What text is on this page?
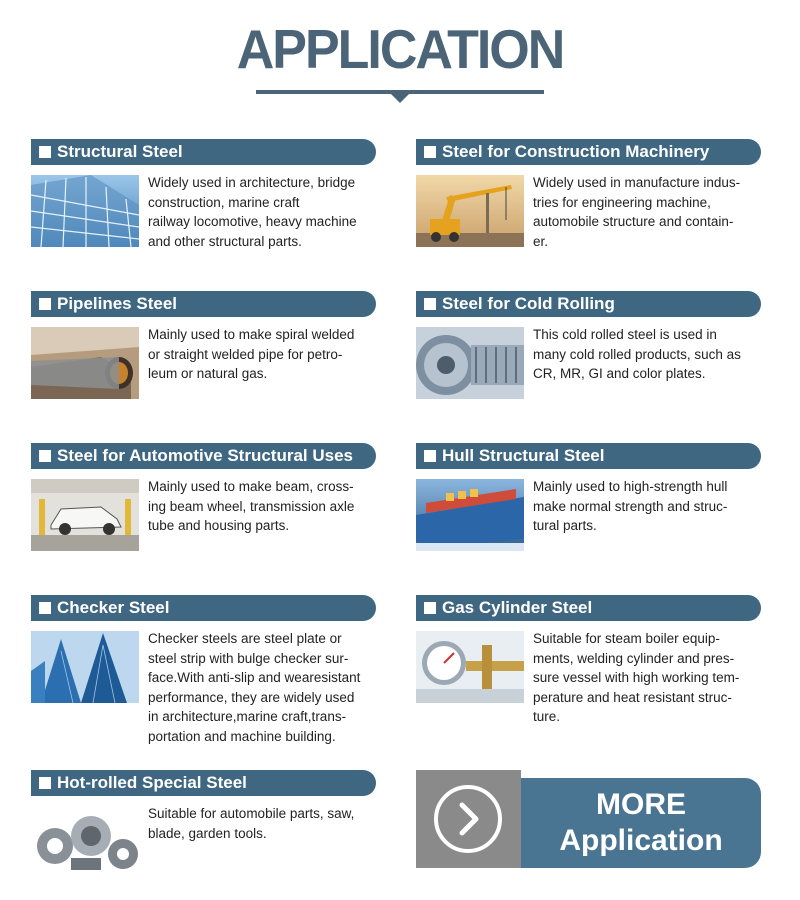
APPLICATION
Structural Steel
Widely used in architecture, bridge
construction, marine craft
railway locomotive, heavy machine
and other structural parts.
Steel for Construction Machinery
Widely used in manufacture indus-
tries for engineering machine,
automobile structure and contain-
er.
Pipelines Steel
Mainly used to make spiral welded
or straight welded pipe for petro-
leum or natural gas.
Steel for Cold Rolling
This cold rolled steel is used in
many cold rolled products, such as
CR, MR, GI and color plates.
Steel for Automotive Structural Uses
Mainly used to make beam, cross-
ing beam wheel, transmission axle
tube and housing parts.
Hull Structural Steel
Mainly used to high-strength hull
make normal strength and struc-
tural parts.
Checker Steel
Checker steels are steel plate or
steel strip with bulge checker sur-
face.With anti-slip and wearesistant
performance, they are widely used
in architecture,marine craft,trans-
portation and machine building.
Gas Cylinder Steel
Suitable for steam boiler equip-
ments, welding cylinder and pres-
sure vessel with high working tem-
perature and heat resistant struc-
ture.
Hot-rolled Special Steel
Suitable for automobile parts, saw,
blade, garden tools.
MORE
Application
